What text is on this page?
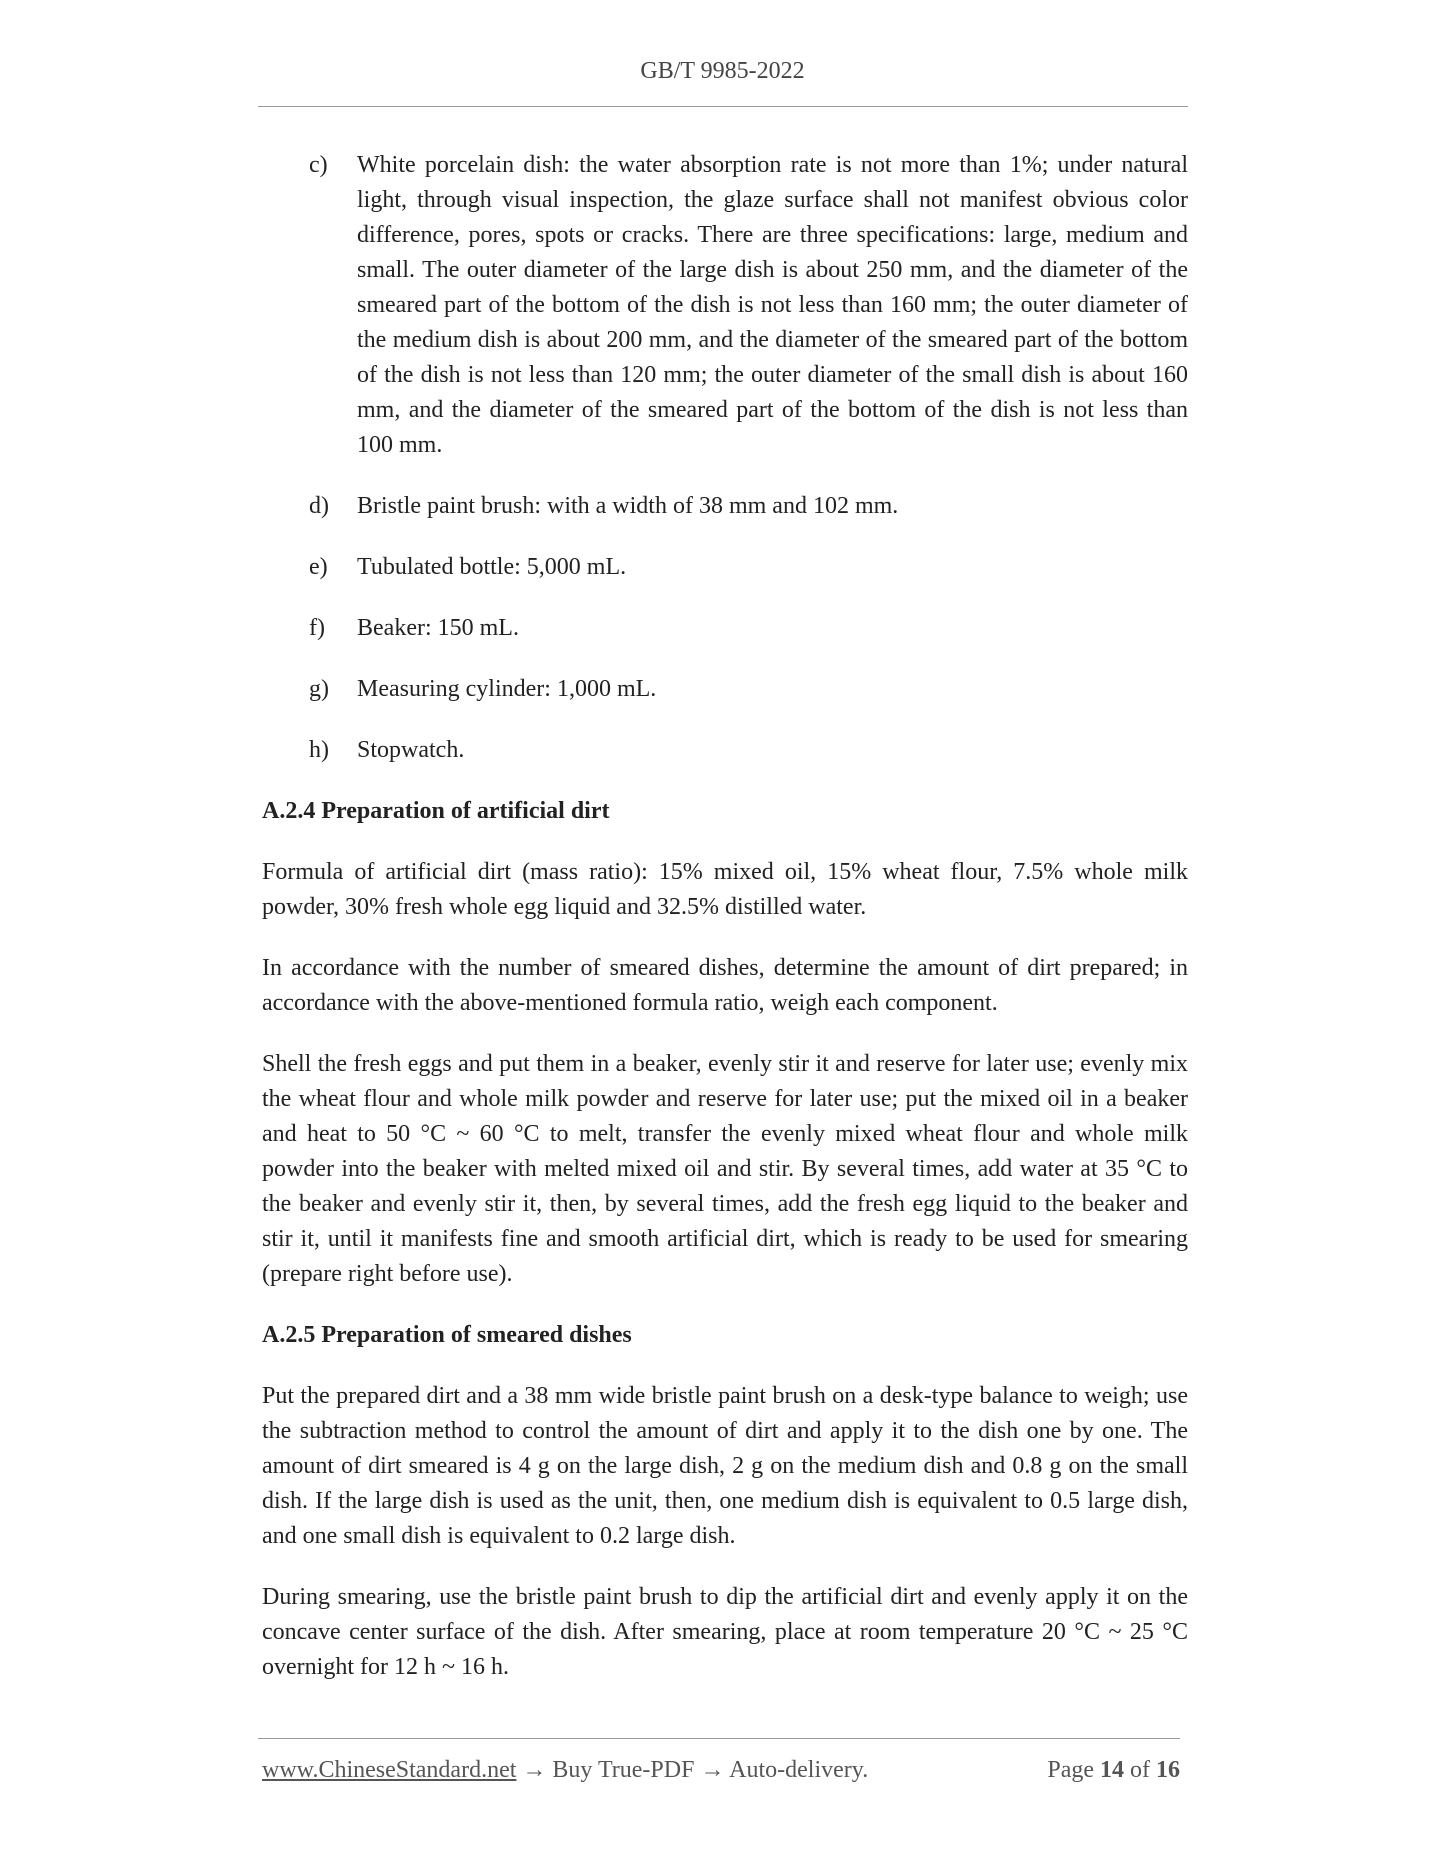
GB/T 9985-2022
c) White porcelain dish: the water absorption rate is not more than 1%; under natural light, through visual inspection, the glaze surface shall not manifest obvious color difference, pores, spots or cracks. There are three specifications: large, medium and small. The outer diameter of the large dish is about 250 mm, and the diameter of the smeared part of the bottom of the dish is not less than 160 mm; the outer diameter of the medium dish is about 200 mm, and the diameter of the smeared part of the bottom of the dish is not less than 120 mm; the outer diameter of the small dish is about 160 mm, and the diameter of the smeared part of the bottom of the dish is not less than 100 mm.
d) Bristle paint brush: with a width of 38 mm and 102 mm.
e) Tubulated bottle: 5,000 mL.
f) Beaker: 150 mL.
g) Measuring cylinder: 1,000 mL.
h) Stopwatch.
A.2.4 Preparation of artificial dirt

Formula of artificial dirt (mass ratio): 15% mixed oil, 15% wheat flour, 7.5% whole milk powder, 30% fresh whole egg liquid and 32.5% distilled water.

In accordance with the number of smeared dishes, determine the amount of dirt prepared; in accordance with the above-mentioned formula ratio, weigh each component.

Shell the fresh eggs and put them in a beaker, evenly stir it and reserve for later use; evenly mix the wheat flour and whole milk powder and reserve for later use; put the mixed oil in a beaker and heat to 50 °C ~ 60 °C to melt, transfer the evenly mixed wheat flour and whole milk powder into the beaker with melted mixed oil and stir. By several times, add water at 35 °C to the beaker and evenly stir it, then, by several times, add the fresh egg liquid to the beaker and stir it, until it manifests fine and smooth artificial dirt, which is ready to be used for smearing (prepare right before use).

A.2.5 Preparation of smeared dishes

Put the prepared dirt and a 38 mm wide bristle paint brush on a desk-type balance to weigh; use the subtraction method to control the amount of dirt and apply it to the dish one by one. The amount of dirt smeared is 4 g on the large dish, 2 g on the medium dish and 0.8 g on the small dish. If the large dish is used as the unit, then, one medium dish is equivalent to 0.5 large dish, and one small dish is equivalent to 0.2 large dish.

During smearing, use the bristle paint brush to dip the artificial dirt and evenly apply it on the concave center surface of the dish. After smearing, place at room temperature 20 °C ~ 25 °C overnight for 12 h ~ 16 h.

www.ChineseStandard.net → Buy True-PDF → Auto-delivery.	Page 14 of 16
